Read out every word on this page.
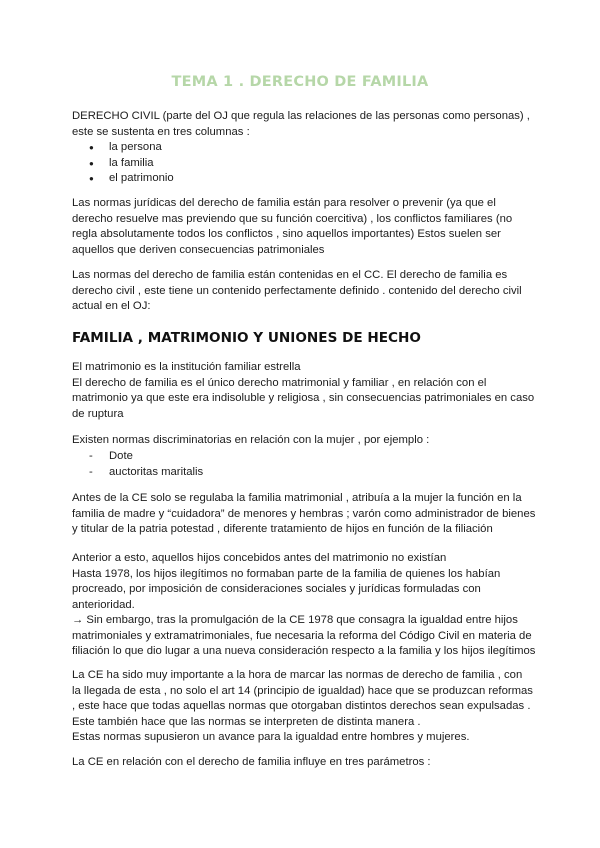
TEMA 1 . DERECHO DE FAMILIA
DERECHO CIVIL (parte del OJ que regula las relaciones de las personas como personas) ,
este se sustenta en tres columnas :
● la persona
● la familia
● el patrimonio
Las normas jurídicas del derecho de familia están para resolver o prevenir (ya que el
derecho resuelve mas previendo que su función coercitiva) , los conflictos familiares (no
regla absolutamente todos los conflictos , sino aquellos importantes) Estos suelen ser
aquellos que deriven consecuencias patrimoniales
Las normas del derecho de familia están contenidas en el CC. El derecho de familia es
derecho civil , este tiene un contenido perfectamente definido . contenido del derecho civil
actual en el OJ:
FAMILIA , MATRIMONIO Y UNIONES DE HECHO
El matrimonio es la institución familiar estrella
El derecho de familia es el único derecho matrimonial y familiar , en relación con el
matrimonio ya que este era indisoluble y religiosa , sin consecuencias patrimoniales en caso
de ruptura
Existen normas discriminatorias en relación con la mujer , por ejemplo :
- Dote
- auctoritas maritalis
Antes de la CE solo se regulaba la familia matrimonial , atribuía a la mujer la función en la
familia de madre y “cuidadora” de menores y hembras ; varón como administrador de bienes
y titular de la patria potestad , diferente tratamiento de hijos en función de la filiación
Anterior a esto, aquellos hijos concebidos antes del matrimonio no existían
Hasta 1978, los hijos ilegítimos no formaban parte de la familia de quienes los habían
procreado, por imposición de consideraciones sociales y jurídicas formuladas con
anterioridad.
→ Sin embargo, tras la promulgación de la CE 1978 que consagra la igualdad entre hijos
matrimoniales y extramatrimoniales, fue necesaria la reforma del Código Civil en materia de
filiación lo que dio lugar a una nueva consideración respecto a la familia y los hijos ilegítimos
La CE ha sido muy importante a la hora de marcar las normas de derecho de familia , con
la llegada de esta , no solo el art 14 (principio de igualdad) hace que se produzcan reformas
, este hace que todas aquellas normas que otorgaban distintos derechos sean expulsadas .
Este también hace que las normas se interpreten de distinta manera .
Estas normas supusieron un avance para la igualdad entre hombres y mujeres.
La CE en relación con el derecho de familia influye en tres parámetros :
